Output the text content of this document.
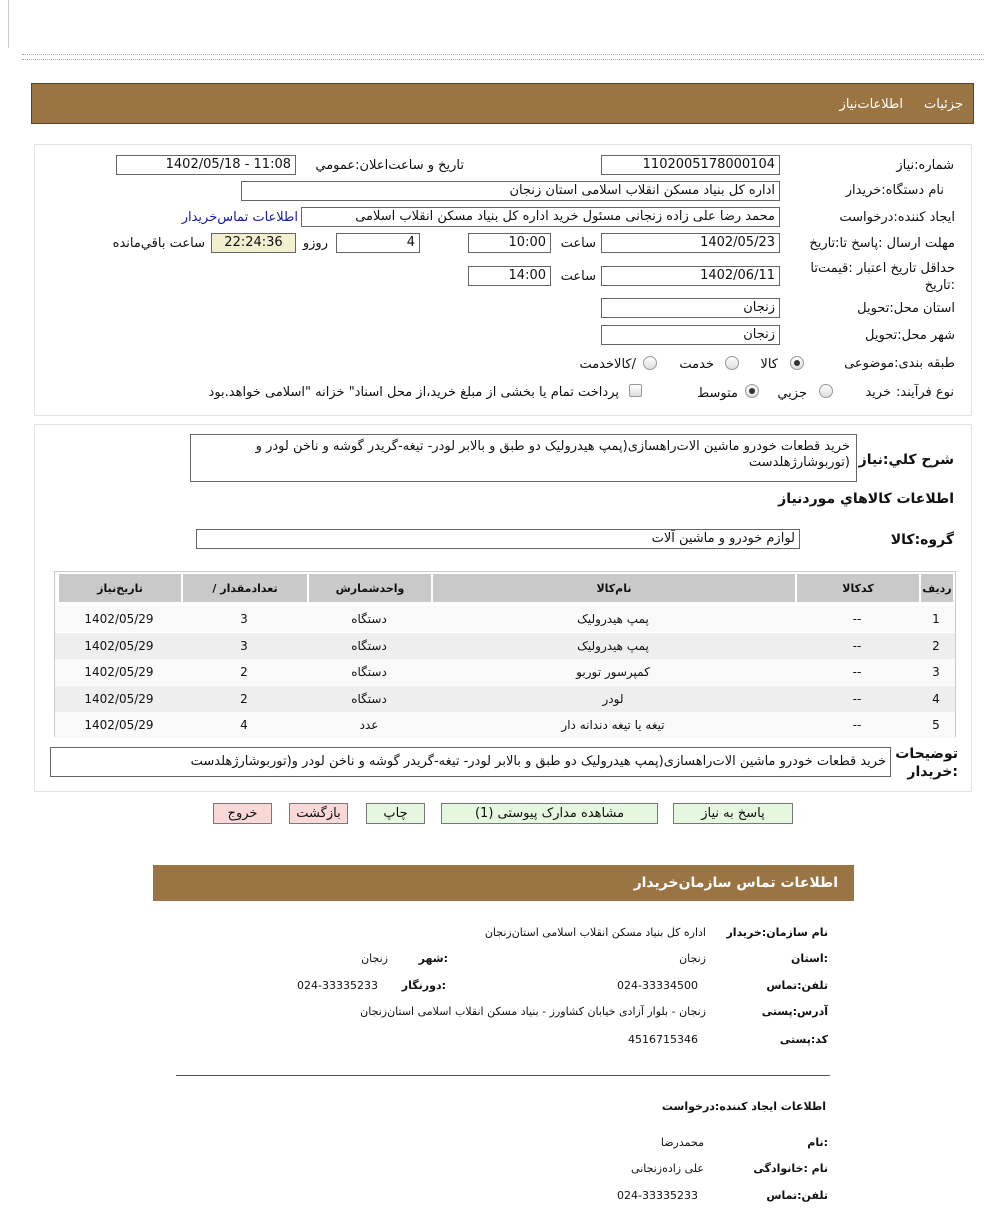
جزئیات
اطلاعات‌نیاز
شماره:نیاز
1102005178000104
تاريخ و ساعت‌اعلان:عمومي
1402/05/18 - 11:08
نام دستگاه:خريدار
اداره کل بنیاد مسکن انقلاب اسلامی استان زنجان
ايجاد کننده:درخواست
محمد رضا علی زاده زنجانی مسئول خرید اداره کل بنیاد مسکن انقلاب اسلامی
اطلاعات تماس‌خريدار
مهلت ارسال :پاسخ تا:تاريخ
1402/05/23
ساعت
10:00
4
روزو
22:24:36
ساعت باقي‌مانده
حداقل تاريخ اعتبار :قيمت‌تا
:تاريخ
1402/06/11
ساعت
14:00
استان محل:تحويل
زنجان
شهر محل:تحويل
زنجان
طبقه بندی:موضوعی
کالا
خدمت
/کالاخدمت
نوع فرآيند:
خرید
جزيي
متوسط
پرداخت تمام يا بخشی از مبلغ خريد،از محل اسناد" خزانه "اسلامی خواهد.بود
شرح کلي:نياز
خرید قطعات خودرو ماشین الات‌راهسازی(پمپ هیدرولیک دو طبق و بالابر لودر- تیغه-گریدر گوشه و ناخن لودر و (توربوشارژهلدست
اطلاعات کالاهاي موردنياز
گروه:کالا
لوازم خودرو و ماشين آلات
رديف
کدکالا
نام‌کالا
واحدشمارش
/ تعدادمقدار
تاريخ‌نياز
1
--
پمپ هیدرولیک
دستگاه
3
1402/05/29
2
--
پمپ هیدرولیک
دستگاه
3
1402/05/29
3
--
کمپرسور توربو
دستگاه
2
1402/05/29
4
--
لودر
دستگاه
2
1402/05/29
5
--
تیغه یا تیغه دندانه دار
عدد
4
1402/05/29
توضيحات
:خريدار
خرید قطعات خودرو ماشین الات‌راهسازی(پمپ هیدرولیک دو طبق و بالابر لودر- تیغه-گریدر گوشه و ناخن لودر و(توربوشارژهلدست
پاسخ به نياز
مشاهده مدارک پيوستی (1)
چاپ
بازگشت
خروج
اطلاعات تماس سازمان‌خريدار
نام سازمان:خريدار
اداره کل بنیاد مسکن انقلاب اسلامی استان‌زنجان
:استان
زنجان
:شهر
زنجان
تلفن:تماس
024-33334500
:دورنگار
024-33335233
آدرس:پستی
زنجان - بلوار آزادی خیابان کشاورز - بنیاد مسکن انقلاب اسلامی استان‌زنجان
کد:پستی
4516715346
اطلاعات ايجاد کننده:درخواست
:نام
محمدرضا
نام :خانوادگی
علی زاده‌زنجانی
تلفن:تماس
024-33335233
